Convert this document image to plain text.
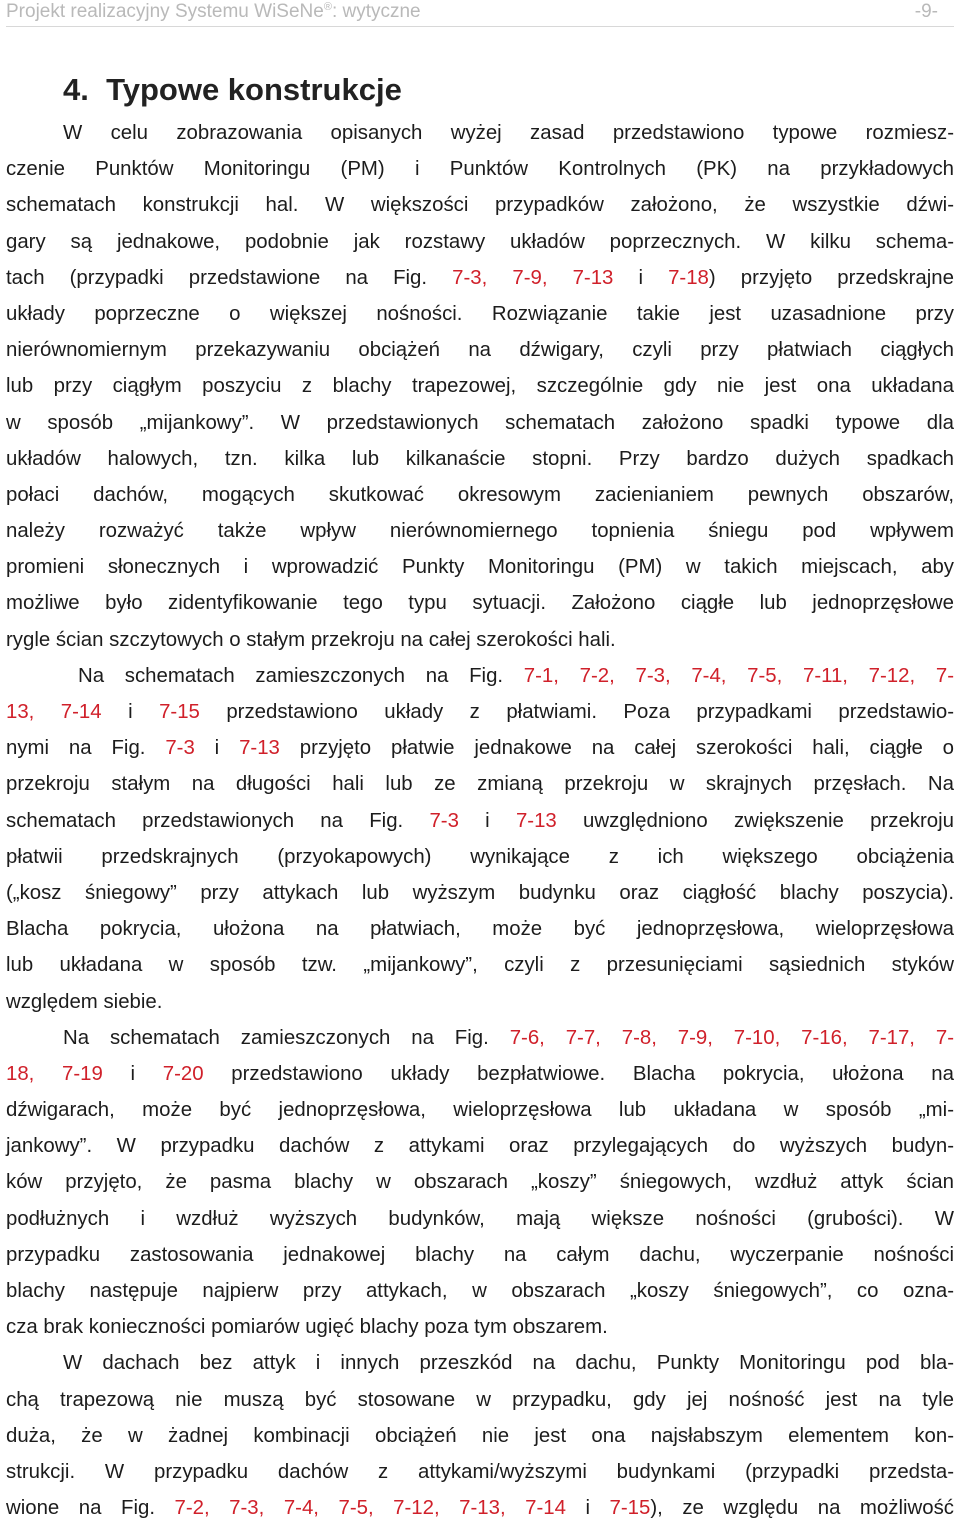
Projekt realizacyjny Systemu WiSeNe®: wytyczne	-9-
4. Typowe konstrukcje
W celu zobrazowania opisanych wyżej zasad przedstawiono typowe rozmiesz-
czenie Punktów Monitoringu (PM) i Punktów Kontrolnych (PK) na przykładowych
schematach konstrukcji hal. W większości przypadków założono, że wszystkie dźwi-
gary są jednakowe, podobnie jak rozstawy układów poprzecznych. W kilku schema-
tach (przypadki przedstawione na Fig. 7-3, 7-9, 7-13 i 7-18) przyjęto przedskrajne
układy poprzeczne o większej nośności. Rozwiązanie takie jest uzasadnione przy
nierównomiernym przekazywaniu obciążeń na dźwigary, czyli przy płatwiach ciągłych
lub przy ciągłym poszyciu z blachy trapezowej, szczególnie gdy nie jest ona układana
w sposób „mijankowy”. W przedstawionych schematach założono spadki typowe dla
układów halowych, tzn. kilka lub kilkanaście stopni. Przy bardzo dużych spadkach
połaci dachów, mogących skutkować okresowym zacienianiem pewnych obszarów,
należy rozważyć także wpływ nierównomiernego topnienia śniegu pod wpływem
promieni słonecznych i wprowadzić Punkty Monitoringu (PM) w takich miejscach, aby
możliwe było zidentyfikowanie tego typu sytuacji. Założono ciągłe lub jednoprzęsłowe
rygle ścian szczytowych o stałym przekroju na całej szerokości hali.
Na schematach zamieszczonych na Fig. 7-1, 7-2, 7-3, 7-4, 7-5, 7-11, 7-12, 7-
13, 7-14 i 7-15 przedstawiono układy z płatwiami. Poza przypadkami przedstawio-
nymi na Fig. 7-3 i 7-13 przyjęto płatwie jednakowe na całej szerokości hali, ciągłe o
przekroju stałym na długości hali lub ze zmianą przekroju w skrajnych przęsłach. Na
schematach przedstawionych na Fig. 7-3 i 7-13 uwzględniono zwiększenie przekroju
płatwii przedskrajnych (przyokapowych) wynikające z ich większego obciążenia
(„kosz śniegowy” przy attykach lub wyższym budynku oraz ciągłość blachy poszycia).
Blacha pokrycia, ułożona na płatwiach, może być jednoprzęsłowa, wieloprzęsłowa
lub układana w sposób tzw. „mijankowy”, czyli z przesunięciami sąsiednich styków
względem siebie.
Na schematach zamieszczonych na Fig. 7-6, 7-7, 7-8, 7-9, 7-10, 7-16, 7-17, 7-
18, 7-19 i 7-20 przedstawiono układy bezpłatwiowe. Blacha pokrycia, ułożona na
dźwigarach, może być jednoprzęsłowa, wieloprzęsłowa lub układana w sposób „mi-
jankowy”. W przypadku dachów z attykami oraz przylegających do wyższych budyn-
ków przyjęto, że pasma blachy w obszarach „koszy” śniegowych, wzdłuż attyk ścian
podłużnych i wzdłuż wyższych budynków, mają większe nośności (grubości). W
przypadku zastosowania jednakowej blachy na całym dachu, wyczerpanie nośności
blachy następuje najpierw przy attykach, w obszarach „koszy śniegowych”, co ozna-
cza brak konieczności pomiarów ugięć blachy poza tym obszarem.
W dachach bez attyk i innych przeszkód na dachu, Punkty Monitoringu pod bla-
chą trapezową nie muszą być stosowane w przypadku, gdy jej nośność jest na tyle
duża, że w żadnej kombinacji obciążeń nie jest ona najsłabszym elementem kon-
strukcji. W przypadku dachów z attykami/wyższymi budynkami (przypadki przedsta-
wione na Fig. 7-2, 7-3, 7-4, 7-5, 7-12, 7-13, 7-14 i 7-15), ze względu na możliwość
